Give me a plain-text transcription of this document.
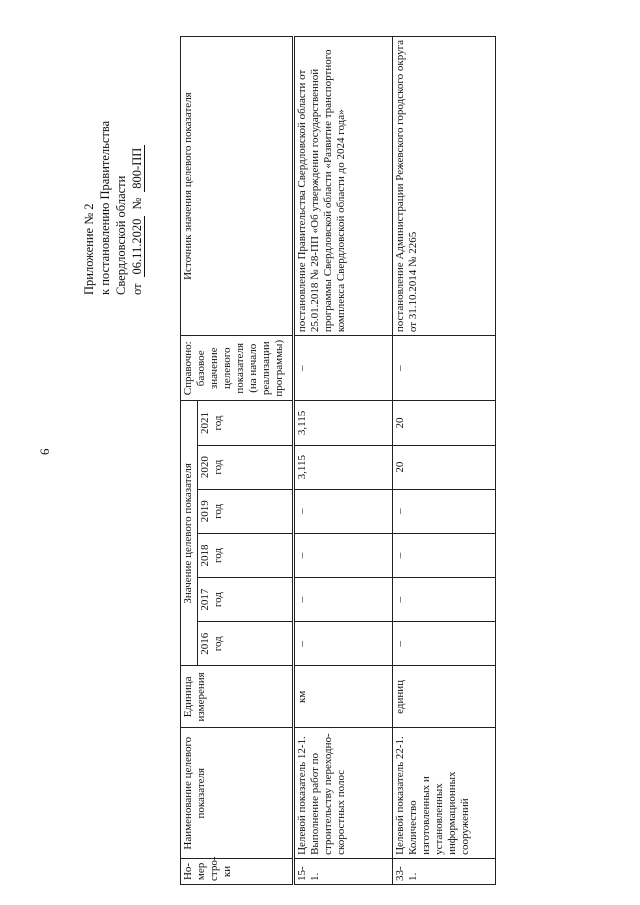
6
Приложение № 2 к постановлению Правительства Свердловской области от06.11.2020№800-ПП
Но-мер стро-ки	Наименование целевого показателя	Единица измерения	Значение целевого показателя						Справочно: базовое значение целевого показателя (на начало реализации программы)	Источник значения целевого показателя
			2016 год	2017 год	2018 год	2019 год	2020 год	2021 год		
15-1.	Целевой показатель 12-1. Выполнение работ по строительству переходно-скоростных полос	км	–	–	–	–	3,115	3,115	–	постановление Правительства Свердловской области от 25.01.2018 № 28-ПП «Об утверждении государственной программы Свердловской области «Развитие транспортного комплекса Свердловской области до 2024 года»
33-1.	Целевой показатель 22-1. Количество изготовленных и установленных информационных сооружений	единиц	–	–	–	–	20	20	–	постановление Администрации Режевского городского округа от 31.10.2014 № 2265
